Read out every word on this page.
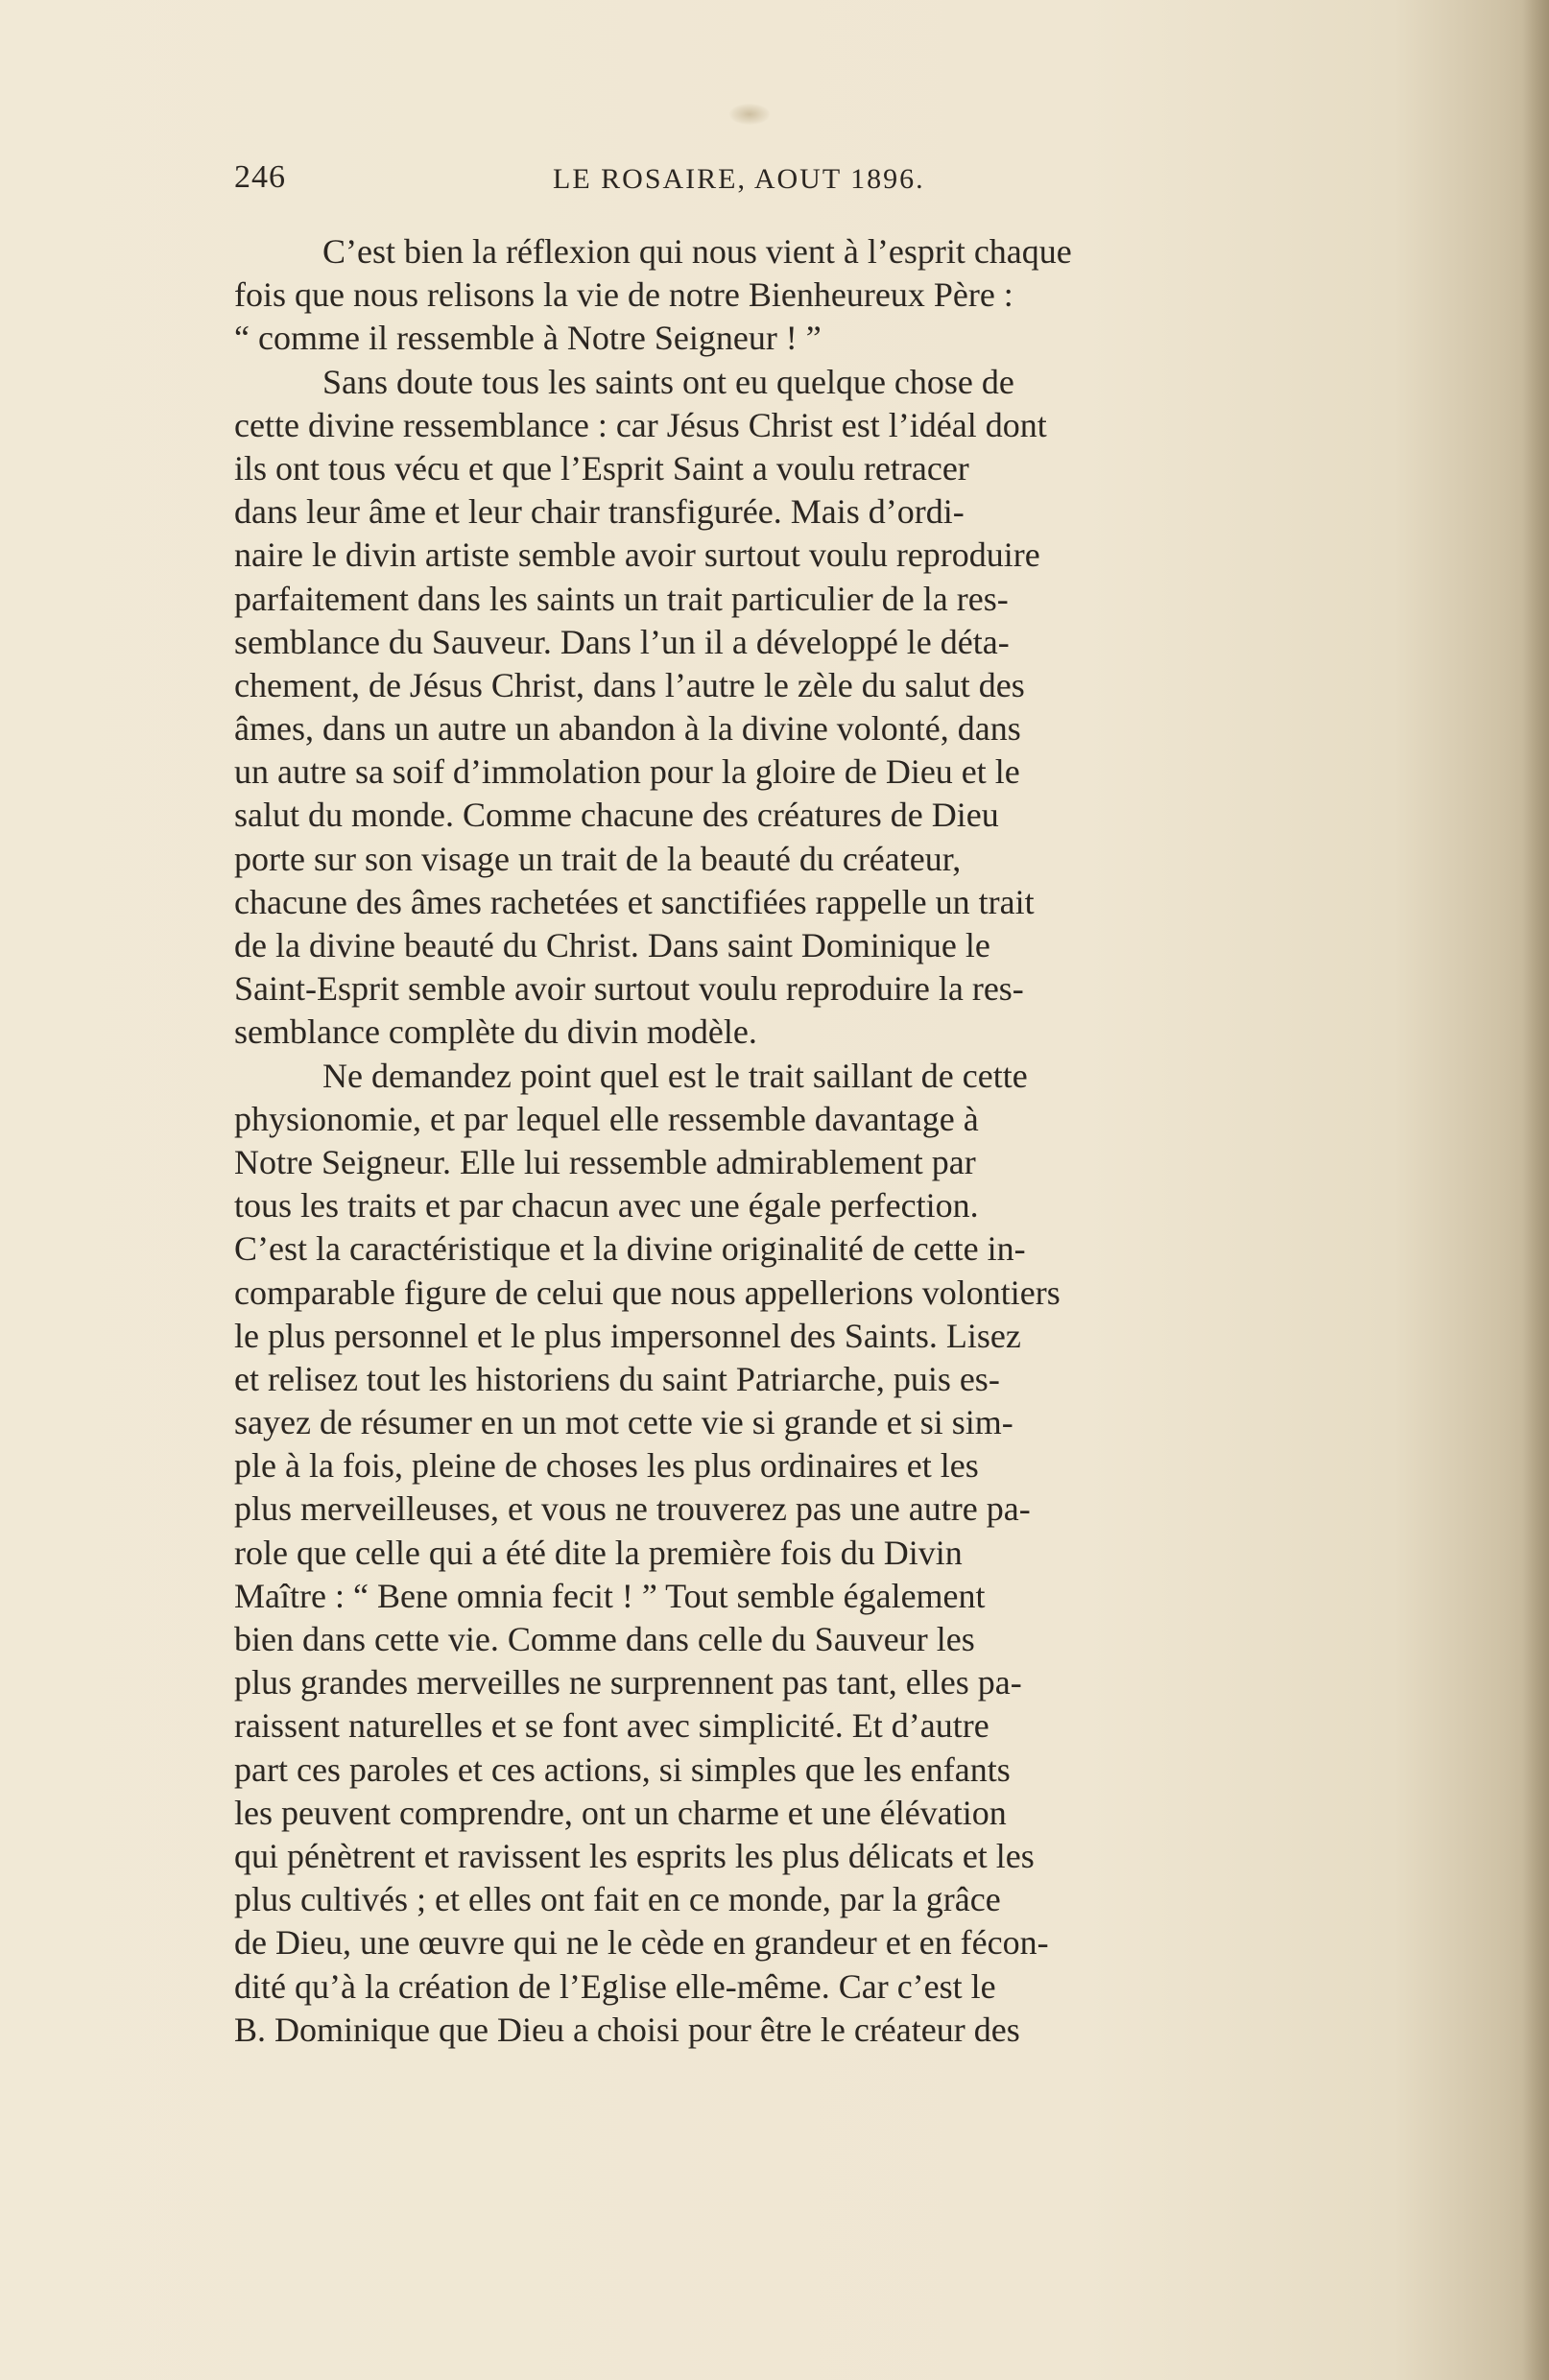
246	LE ROSAIRE, AOUT 1896.
C’est bien la réflexion qui nous vient à l’esprit chaque
fois que nous relisons la vie de notre Bienheureux Père :
“ comme il ressemble à Notre Seigneur ! ”
Sans doute tous les saints ont eu quelque chose de
cette divine ressemblance : car Jésus Christ est l’idéal dont
ils ont tous vécu et que l’Esprit Saint a voulu retracer
dans leur âme et leur chair transfigurée. Mais d’ordi-
naire le divin artiste semble avoir surtout voulu reproduire
parfaitement dans les saints un trait particulier de la res-
semblance du Sauveur. Dans l’un il a développé le déta-
chement, de Jésus Christ, dans l’autre le zèle du salut des
âmes, dans un autre un abandon à la divine volonté, dans
un autre sa soif d’immolation pour la gloire de Dieu et le
salut du monde. Comme chacune des créatures de Dieu
porte sur son visage un trait de la beauté du créateur,
chacune des âmes rachetées et sanctifiées rappelle un trait
de la divine beauté du Christ. Dans saint Dominique le
Saint-Esprit semble avoir surtout voulu reproduire la res-
semblance complète du divin modèle.
Ne demandez point quel est le trait saillant de cette
physionomie, et par lequel elle ressemble davantage à
Notre Seigneur. Elle lui ressemble admirablement par
tous les traits et par chacun avec une égale perfection.
C’est la caractéristique et la divine originalité de cette in-
comparable figure de celui que nous appellerions volontiers
le plus personnel et le plus impersonnel des Saints. Lisez
et relisez tout les historiens du saint Patriarche, puis es-
sayez de résumer en un mot cette vie si grande et si sim-
ple à la fois, pleine de choses les plus ordinaires et les
plus merveilleuses, et vous ne trouverez pas une autre pa-
role que celle qui a été dite la première fois du Divin
Maître : “ Bene omnia fecit ! ” Tout semble également
bien dans cette vie. Comme dans celle du Sauveur les
plus grandes merveilles ne surprennent pas tant, elles pa-
raissent naturelles et se font avec simplicité. Et d’autre
part ces paroles et ces actions, si simples que les enfants
les peuvent comprendre, ont un charme et une élévation
qui pénètrent et ravissent les esprits les plus délicats et les
plus cultivés ; et elles ont fait en ce monde, par la grâce
de Dieu, une œuvre qui ne le cède en grandeur et en fécon-
dité qu’à la création de l’Eglise elle-même. Car c’est le
B. Dominique que Dieu a choisi pour être le créateur des
